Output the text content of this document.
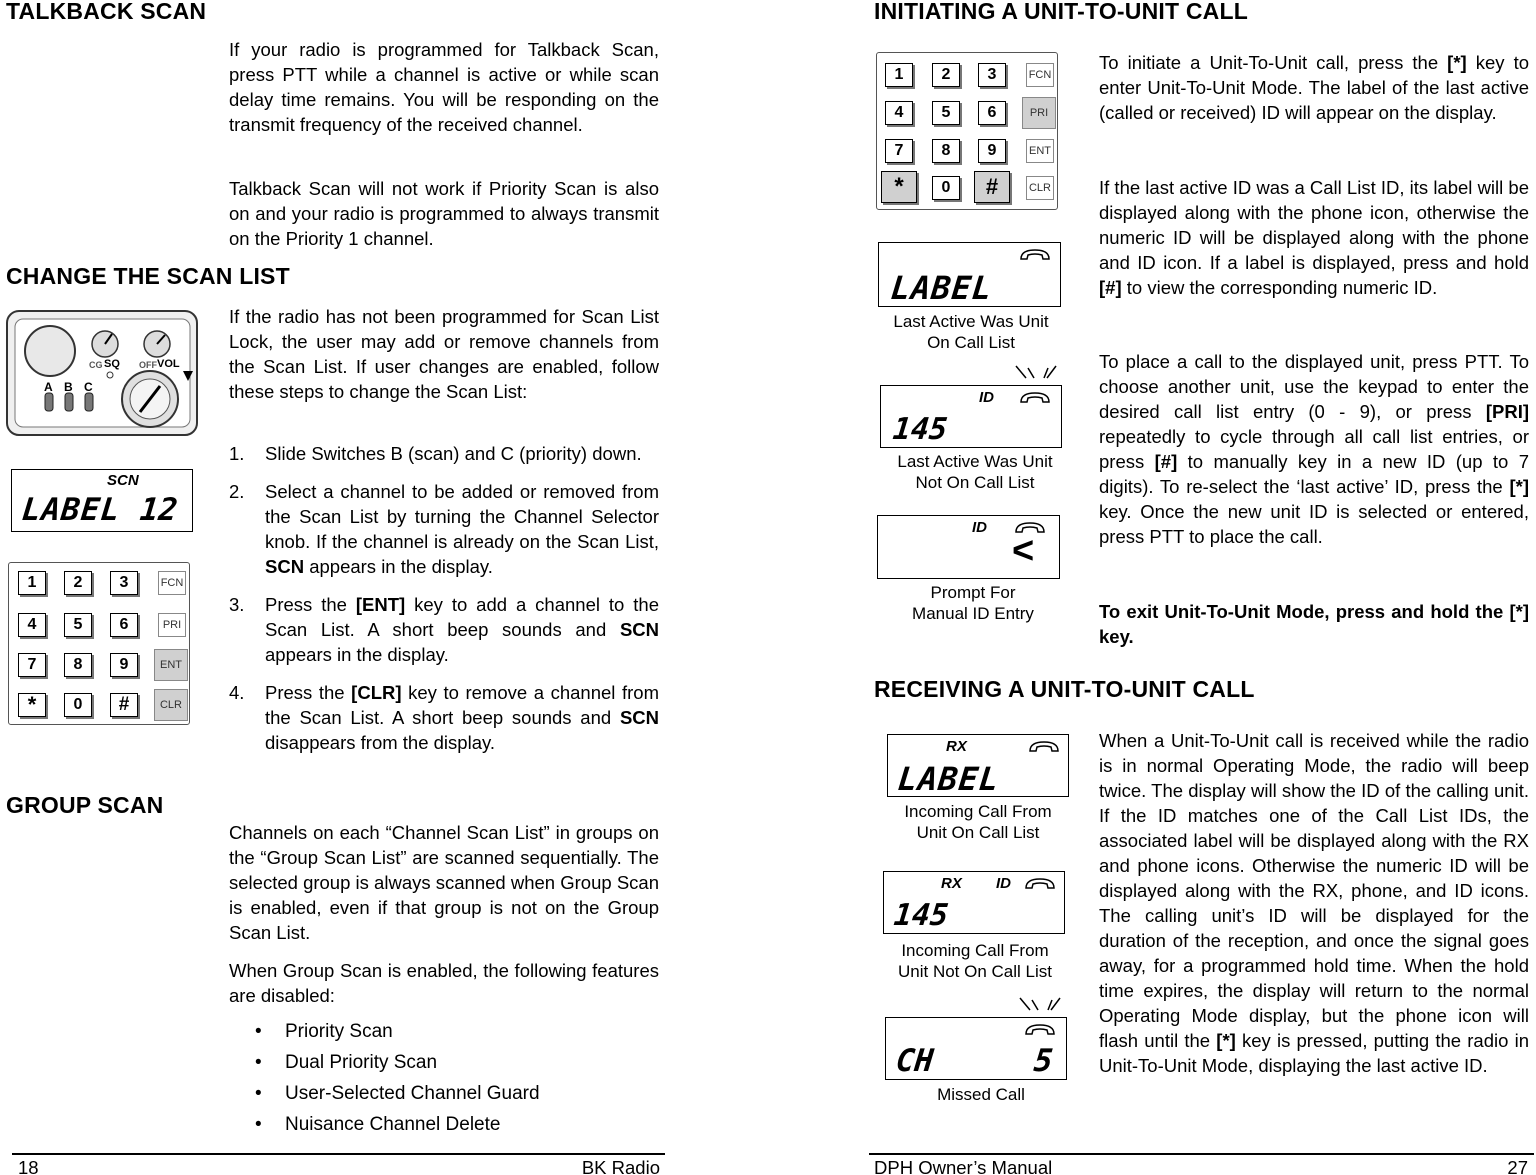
TALKBACK SCAN

If your radio is programmed for Talkback Scan, press PTT while a channel is active or while scan delay time remains. You will be responding on the transmit frequency of the received channel.

Talkback Scan will not work if Priority Scan is also on and your radio is programmed to always transmit on the Priority 1 channel.

CHANGE THE SCAN LIST

If the radio has not been programmed for Scan List Lock, the user may add or remove channels from the Scan List. If user changes are enabled, follow these steps to change the Scan List:

1. Slide Switches B (scan) and C (priority) down.
2. Select a channel to be added or removed from the Scan List by turning the Channel Selector knob. If the channel is already on the Scan List, SCN appears in the display.
3. Press the [ENT] key to add a channel to the Scan List. A short beep sounds and SCN appears in the display.
4. Press the [CLR] key to remove a channel from the Scan List. A short beep sounds and SCN disappears from the display.
CG SQ OFF VOL
A B C
SCN
LABEL 12
1	2	3	FCN
4	5	6	PRI
7	8	9	ENT
*	0	#	CLR
GROUP SCAN

Channels on each “Channel Scan List” in groups on the “Group Scan List” are scanned sequentially. The selected group is always scanned when Group Scan is enabled, even if that group is not on the Group Scan List.

When Group Scan is enabled, the following features are disabled:

• Priority Scan
• Dual Priority Scan
• User-Selected Channel Guard
• Nuisance Channel Delete
18	BK Radio
INITIATING A UNIT-TO-UNIT CALL
1	2	3	FCN
4	5	6	PRI
7	8	9	ENT
*	0	#	CLR
LABEL
Last Active Was Unit
On Call List
ID
145
Last Active Was Unit
Not On Call List
ID
<
Prompt For
Manual ID Entry

To initiate a Unit-To-Unit call, press the [*] key to enter Unit-To-Unit Mode. The label of the last active (called or received) ID will appear on the display.

If the last active ID was a Call List ID, its label will be displayed along with the phone icon, otherwise the numeric ID will be displayed along with the phone and ID icon. If a label is displayed, press and hold [#] to view the corresponding numeric ID.

To place a call to the displayed unit, press PTT. To choose another unit, use the keypad to enter the desired call list entry (0 - 9), or press [PRI] repeatedly to cycle through all call list entries, or press [#] to manually key in a new ID (up to 7 digits). To re-select the ‘last active’ ID, press the [*] key. Once the new unit ID is selected or entered, press PTT to place the call.

To exit Unit-To-Unit Mode, press and hold the [*] key.

RECEIVING A UNIT-TO-UNIT CALL
RX
LABEL
Incoming Call From
Unit On Call List
RX ID
145
Incoming Call From
Unit Not On Call List
CH	5
Missed Call

When a Unit-To-Unit call is received while the radio is in normal Operating Mode, the radio will beep twice. The display will show the ID of the calling unit. If the ID matches one of the Call List IDs, the associated label will be displayed along with the RX and phone icons. Otherwise the numeric ID will be displayed along with the RX, phone, and ID icons. The calling unit’s ID will be displayed for the duration of the reception, and once the signal goes away, for a programmed hold time. When the hold time expires, the display will return to the normal Operating Mode display, but the phone icon will flash until the [*] key is pressed, putting the radio in Unit-To-Unit Mode, displaying the last active ID.

DPH Owner’s Manual	27
